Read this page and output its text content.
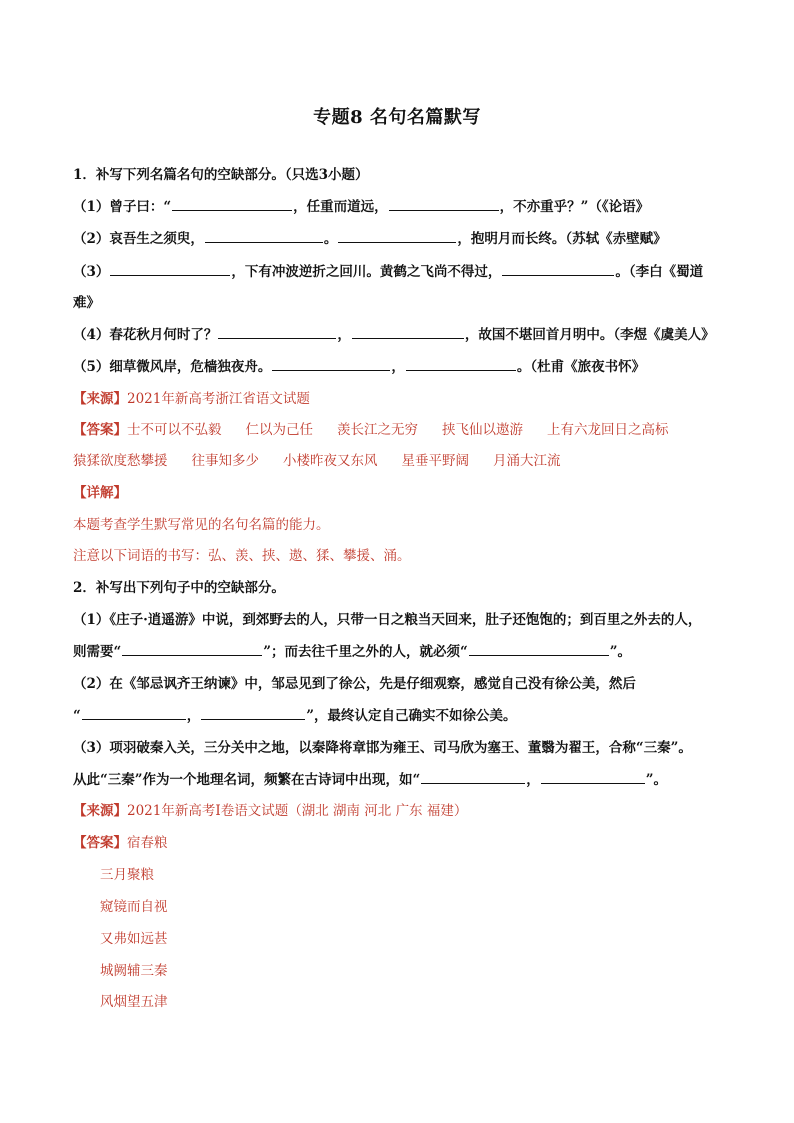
专题8 名句名篇默写
1．补写下列名篇名句的空缺部分。（只选3小题）
（1）曾子曰：“	，任重而道远，	，不亦重乎？”（《论语》
（2）哀吾生之须臾，	。	，抱明月而长终。（苏轼《赤壁赋》
（3）	，下有冲波逆折之回川。黄鹤之飞尚不得过，	。（李白《蜀道
难》
（4）春花秋月何时了？	，	，故国不堪回首月明中。（李煜《虞美人》
（5）细草微风岸，危樯独夜舟。	，	。（杜甫《旅夜书怀》
【来源】2021年新高考浙江省语文试题
【答案】士不可以不弘毅 仁以为己任 羡长江之无穷 挟飞仙以遨游 上有六龙回日之高标
猿猱欲度愁攀援 往事知多少 小楼昨夜又东风 星垂平野阔 月涌大江流
【详解】
本题考查学生默写常见的名句名篇的能力。
注意以下词语的书写：弘、羡、挟、遨、猱、攀援、涌。
2．补写出下列句子中的空缺部分。
（1）《庄子·逍遥游》中说，到郊野去的人，只带一日之粮当天回来，肚子还饱饱的；到百里之外去的人，
则需要“	”；而去往千里之外的人，就必须“	”。
（2）在《邹忌讽齐王纳谏》中，邹忌见到了徐公，先是仔细观察，感觉自己没有徐公美，然后
“	，	”，最终认定自己确实不如徐公美。
（3）项羽破秦入关，三分关中之地，以秦降将章邯为雍王、司马欣为塞王、董翳为翟王，合称“三秦”。
从此“三秦”作为一个地理名词，频繁在古诗词中出现，如“	，	”。
【来源】2021年新高考Ⅰ卷语文试题（湖北 湖南 河北 广东 福建）
【答案】宿春粮
三月聚粮
窥镜而自视
又弗如远甚
城阙辅三秦
风烟望五津
